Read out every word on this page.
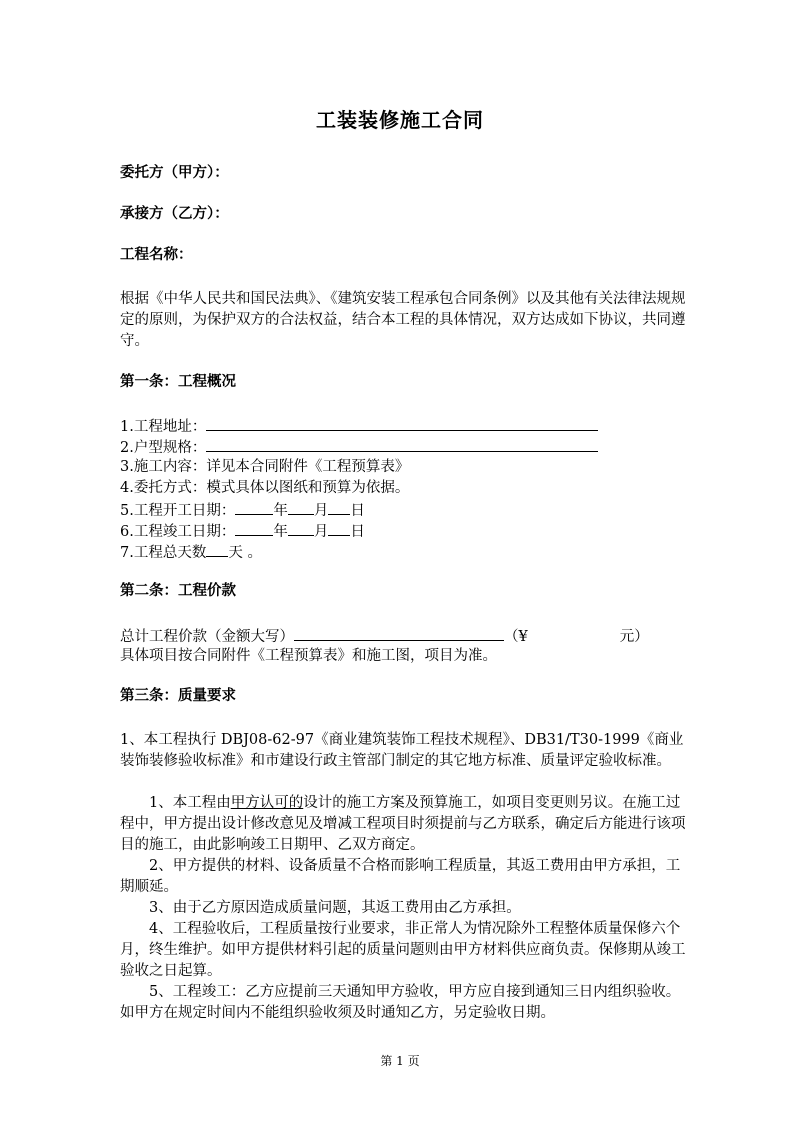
工装装修施工合同
委托方（甲方）：
承接方（乙方）：
工程名称：
根据《中华人民共和国民法典》、《建筑安装工程承包合同条例》以及其他有关法律法规规定的原则，为保护双方的合法权益，结合本工程的具体情况，双方达成如下协议，共同遵守。
第一条：工程概况
1.工程地址：
2.户型规格：
3.施工内容：详见本合同附件《工程预算表》
4.委托方式：模式具体以图纸和预算为依据。
5.工程开工日期：	年 月 日
6.工程竣工日期：	年 月 日
7.工程总天数 天 。
第二条：工程价款
总计工程价款（金额大写）	（¥	元）
具体项目按合同附件《工程预算表》和施工图，项目为准。
第三条：质量要求
1、本工程执行 DBJ08-62-97《商业建筑装饰工程技术规程》、DB31/T30-1999《商业装饰装修验收标准》和市建设行政主管部门制定的其它地方标准、质量评定验收标准。
1、本工程由甲方认可的设计的施工方案及预算施工，如项目变更则另议。在施工过程中，甲方提出设计修改意见及增减工程项目时须提前与乙方联系，确定后方能进行该项目的施工，由此影响竣工日期甲、乙双方商定。
2、甲方提供的材料、设备质量不合格而影响工程质量，其返工费用由甲方承担，工期顺延。
3、由于乙方原因造成质量问题，其返工费用由乙方承担。
4、工程验收后，工程质量按行业要求，非正常人为情况除外工程整体质量保修六个月，终生维护。如甲方提供材料引起的质量问题则由甲方材料供应商负责。保修期从竣工验收之日起算。
5、工程竣工：乙方应提前三天通知甲方验收，甲方应自接到通知三日内组织验收。如甲方在规定时间内不能组织验收须及时通知乙方，另定验收日期。
第 1 页
